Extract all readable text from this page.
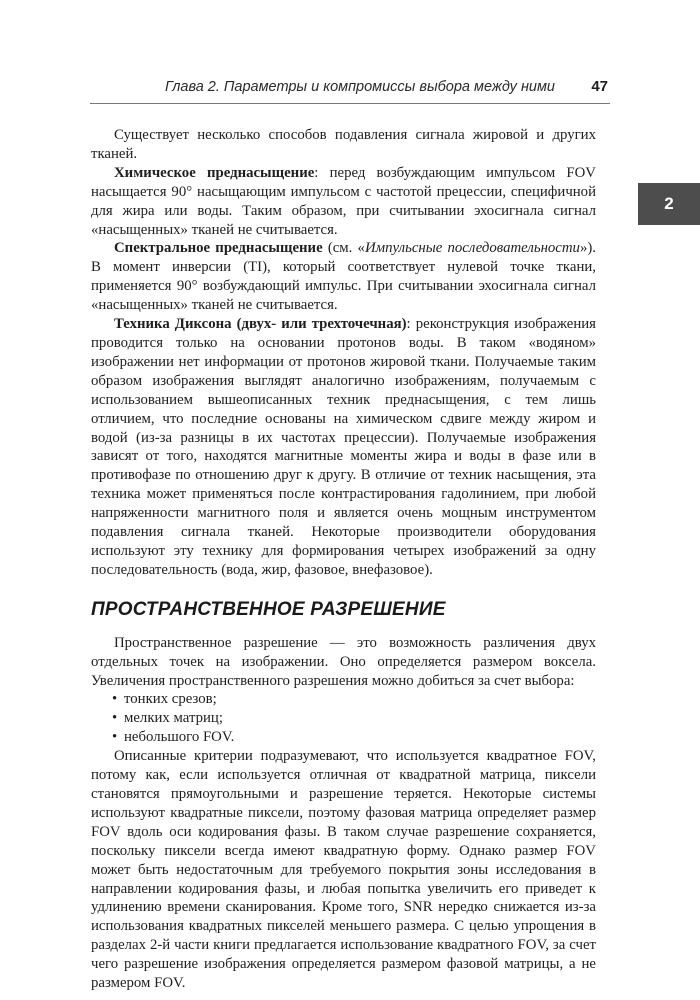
Глава 2. Параметры и компромиссы выбора между ними 47
2

Существует несколько способов подавления сигнала жировой и других тканей.

Химическое преднасыщение: перед возбуждающим импульсом FOV насыщается 90° насыщающим импульсом с частотой прецессии, специфичной для жира или воды. Таким образом, при считывании эхосигнала сигнал «насыщенных» тканей не считывается.

Спектральное преднасыщение (см. «Импульсные последовательности»). В момент инверсии (TI), который соответствует нулевой точке ткани, применяется 90° возбуждающий импульс. При считывании эхосигнала сигнал «насыщенных» тканей не считывается.

Техника Диксона (двух- или трехточечная): реконструкция изображения проводится только на основании протонов воды. В таком «водяном» изображении нет информации от протонов жировой ткани. Получаемые таким образом изображения выглядят аналогично изображениям, получаемым с использованием вышеописанных техник преднасыщения, с тем лишь отличием, что последние основаны на химическом сдвиге между жиром и водой (из-за разницы в их частотах прецессии). Получаемые изображения зависят от того, находятся магнитные моменты жира и воды в фазе или в противофазе по отношению друг к другу. В отличие от техник насыщения, эта техника может применяться после контрастирования гадолинием, при любой напряженности магнитного поля и является очень мощным инструментом подавления сигнала тканей. Некоторые производители оборудования используют эту технику для формирования четырех изображений за одну последовательность (вода, жир, фазовое, внефазовое).

ПРОСТРАНСТВЕННОЕ РАЗРЕШЕНИЕ

Пространственное разрешение — это возможность различения двух отдельных точек на изображении. Оно определяется размером воксела. Увеличения пространственного разрешения можно добиться за счет выбора:

• тонких срезов;
• мелких матриц;
• небольшого FOV.

Описанные критерии подразумевают, что используется квадратное FOV, потому как, если используется отличная от квадратной матрица, пиксели становятся прямоугольными и разрешение теряется. Некоторые системы используют квадратные пиксели, поэтому фазовая матрица определяет размер FOV вдоль оси кодирования фазы. В таком случае разрешение сохраняется, поскольку пиксели всегда имеют квадратную форму. Однако размер FOV может быть недостаточным для требуемого покрытия зоны исследования в направлении кодирования фазы, и любая попытка увеличить его приведет к удлинению времени сканирования. Кроме того, SNR нередко снижается из-за использования квадратных пикселей меньшего размера. С целью упрощения в разделах 2-й части книги предлагается использование квадратного FOV, за счет чего разрешение изображения определяется размером фазовой матрицы, а не размером FOV.
